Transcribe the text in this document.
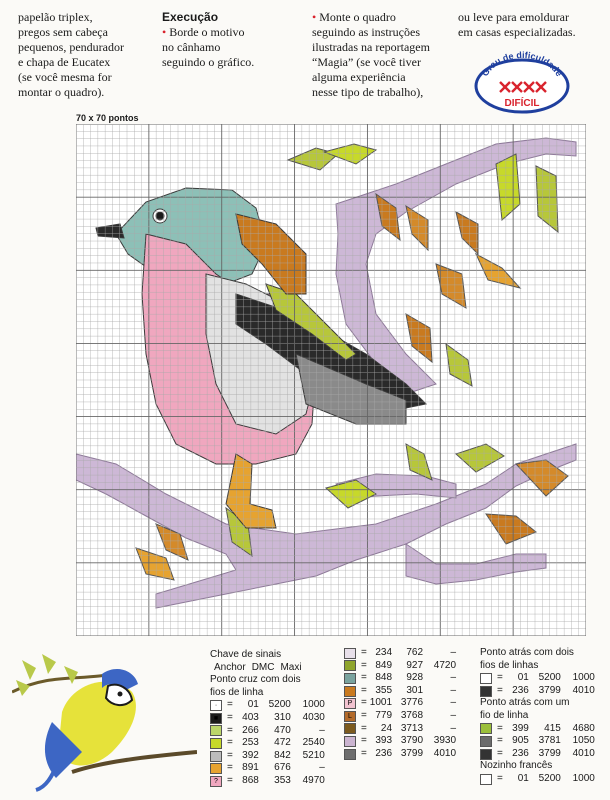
papelão triplex,
pregos sem cabeça
pequenos, pendurador
e chapa de Eucatex
(se você mesma for
montar o quadro).
Execução
• Borde o motivo
no cânhamo
seguindo o gráfico.
• Monte o quadro
seguindo as instruções
ilustradas na reportagem
“Magia” (se você tiver
alguma experiência
nesse tipo de trabalho),
ou leve para emoldurar
em casas especializadas.
Grau de dificuldade
DIFÍCIL
70 x 70 pontos
Chave de sinais
Anchor DMC Maxi
Ponto cruz com dois
fios de linha
· =	01 5200	1000
■ = 403	310	4030
= 266	470	–
= 253	472	2540
= 392	842	5210
= 891	676	–
? = 868	353	4970
= 234	762	–
= 849	927	4720
= 848	928	–
= 355	301	–
P = 1001 3776	–
L = 779 3768	–
=	24 3713	–
= 393 3790	3930
= 236 3799	4010
Ponto atrás com dois
fios de linhas
=	01 5200	1000
= 236 3799	4010
Ponto atrás com um
fio de linha
= 399	415	4680
= 905 3781	1050
= 236 3799	4010
Nozinho francês
=	01 5200	1000
